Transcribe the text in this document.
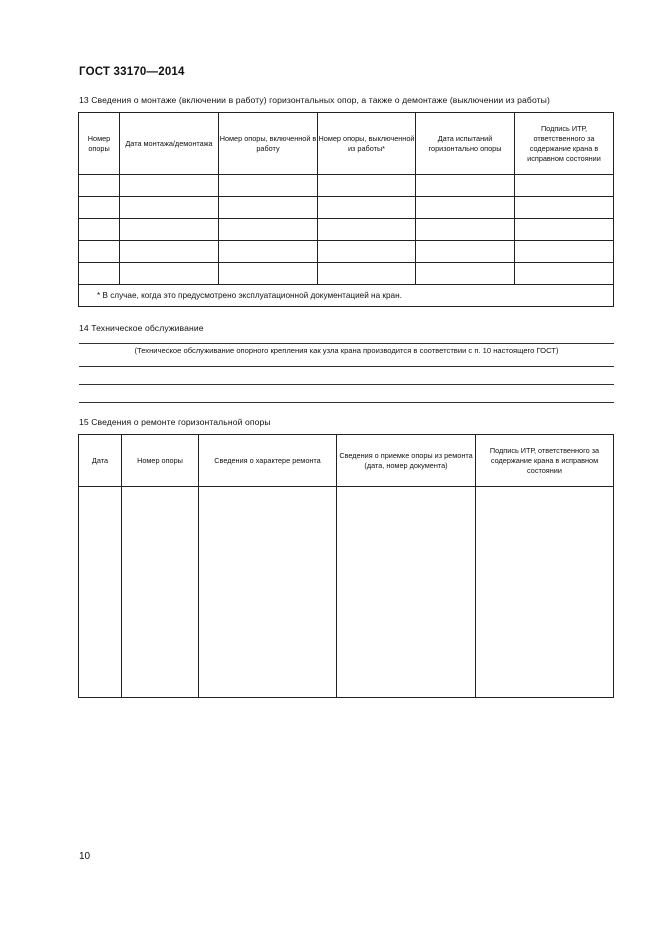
ГОСТ 33170—2014
13 Сведения о монтаже (включении в работу) горизонтальных опор, а также о демонтаже (выключении из работы)
Номер опоры	Дата монтажа/демонтажа	Номер опоры, включенной в работу	Номер опоры, выключенной из работы*	Дата испытаний горизонтально опоры	Подпись ИТР, ответственного за содержание крана в исправном состоянии

* В случае, когда это предусмотрено эксплуатационной документацией на кран.					
14 Техническое обслуживание
(Техническое обслуживание опорного крепления как узла крана производится в соответствии с п. 10 настоящего ГОСТ)
15 Сведения о ремонте горизонтальной опоры
Дата	Номер опоры	Сведения о характере ремонта	Сведения о приемке опоры из ремонта (дата, номер документа)	Подпись ИТР, ответственного за содержание крана в исправном состоянии

10
